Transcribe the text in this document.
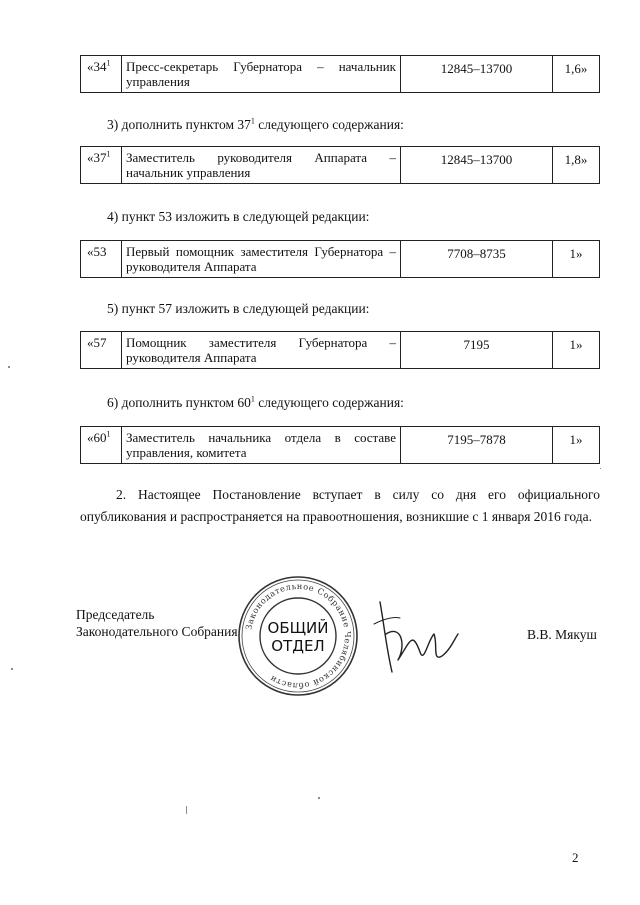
«$34^1$	Пресс-секретарь Губернатора – начальник управления	12845–13700	1,6»
3) дополнить пунктом $37^1$ следующего содержания:
«$37^1$	Заместитель руководителя Аппарата – начальник управления	12845–13700	1,8»
4) пункт 53 изложить в следующей редакции:
«53	Первый помощник заместителя Губернатора – руководителя Аппарата	7708–8735	1»
5) пункт 57 изложить в следующей редакции:
«57	Помощник заместителя Губернатора – руководителя Аппарата	7195	1»
6) дополнить пунктом $60^1$ следующего содержания:
«$60^1$	Заместитель начальника отдела в составе управления, комитета	7195–7878	1»
2. Настоящее Постановление вступает в силу со дня его официального опубликования и распространяется на правоотношения, возникшие с 1 января 2016 года.
Председатель
Законодательного Собрания Законодательное Собрание Челябинской области
ОБЩИЙ
ОТДЕЛ
В.В. Мякуш
2
